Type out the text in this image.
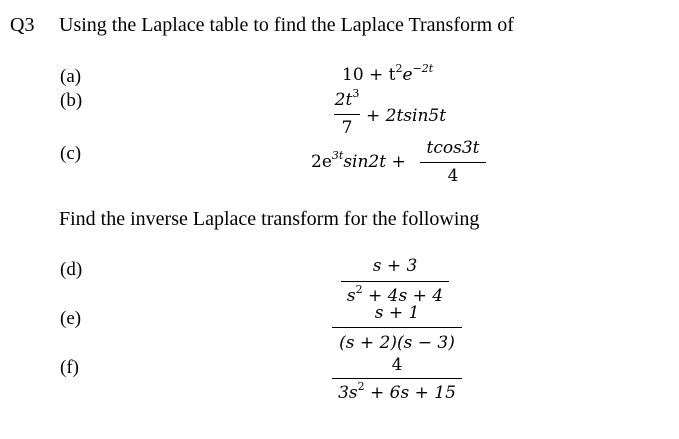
Q3 Using the Laplace table to find the Laplace Transform of
(a)	$10 + t^2e^{-2t}$
(b)	$2t^3$
7
+ 2tsin5t
(c)	$2e^{3t}\sin 2t$ +
tcos3t
4
Find the inverse Laplace transform for the following
(d)	s + 3
$s^2 + 4s + 4$
(e)	s + 1
(s + 2)(s − 3)
(f)	4
$3s^2 + 6s + 15$
